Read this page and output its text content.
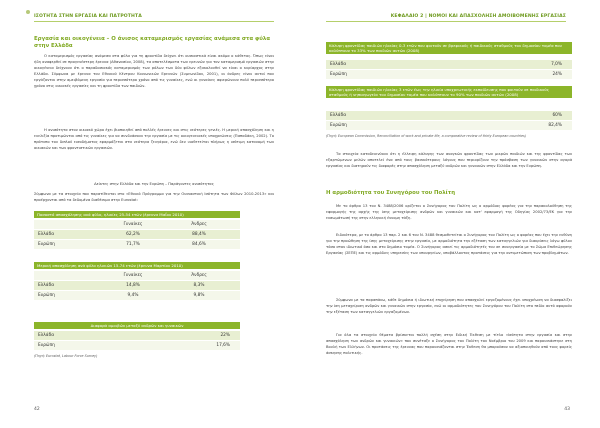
ΙΣΟΤΗΤΑ ΣΤΗΝ ΕΡΓΑΣΙΑ ΚΑΙ ΠΑΤΡΟΤΗΤΑ
Εργασία και οικογένεια – Ο άνισος καταμερισμός εργασίας ανάμεσα στα φύλα στην Ελλάδα
Ο καταμερισμός εργασίας ανάμεσα στα φύλα για τη φροντίδα δείχνει ότι ουσιαστικά είναι ακόμα ο κάθετος. Όπως είναι ήδη αναφερθεί σε προγενέστερη έρευνα (Αθανασίου, 2008), τα αποτελέσματα των ερευνών για τον καταμερισμό εργασιών στην οικογένεια δείχνουν ότι ο παραδοσιακός καταμερισμός των ρόλων των δύο φύλων εξακολουθεί να είναι ο κυρίαρχος στην Ελλάδα. Σύμφωνα με έρευνα του Εθνικού Κέντρου Κοινωνικών Ερευνών (Συμεωνίδου, 2001), οι άνδρες είναι αυτοί που εργάζονται στην αμειβόμενη εργασία για περισσότερο χρόνο από τις γυναίκες, ενώ οι γυναίκες αφιερώνουν πολύ περισσότερο χρόνο στις οικιακές εργασίες και τη φροντίδα των παιδιών.
Η ανισότητα στον οικιακό χώρο έχει βιοποιηθεί από πολλές έρευνες και στις νεότερες γενιές. Η μερική απασχόληση και η ευελιξία προτιμώνται από τις γυναίκες για να συνδυάσουν την εργασία με τις οικογενειακές υποχρεώσεις (Παπαδάκη, 2002). Το πρότυπο του διπλού εισοδήματος εφαρμόζεται στα νεότερα ζευγάρια, ενώ δεν υιοθετείται πλήρως η ισότιμη κατανομή των οικιακών και των φροντιστικών εργασιών.
Δείκτες στην Ελλάδα και την Ευρώπη – Παράγοντες ανισότητας
Σύμφωνα με τα στοιχεία που παρατίθενται στο «Εθνικό Πρόγραμμα για την Ουσιαστική Ισότητα των Φύλων 2010-2013» και προέρχονται από τα δεδομένα διαθέσιμα στην Eurostat:
Ποσοστό απασχόλησης ανά φύλο, ηλικίες 25-54 ετών (έρευνα Μαΐου 2010)
Γυναίκες	Άνδρες
Ελλάδα	62,2%	88,4%
Ευρώπη	71,7%	84,6%
Μερική απασχόληση ανά φύλο ηλικιών 15-74 ετών (έρευνα Μαρτίου 2010)
Γυναίκες	Άνδρες
Ελλάδα	14,8%	8,3%
Ευρώπη	9,4%	9,8%
Διαφορά αμοιβών μεταξύ ανδρών και γυναικών
Ελλάδα	22%
Ευρώπη	17,6%
(Πηγή: Eurostat, Labour Force Survey)
42
ΚΕΦΑΛΑΙΟ 2 | ΝΟΜΟΙ ΚΑΙ ΑΠΑΣΧΟΛΗΣΗ ΑΜΟΙΒΟΜΕΝΗΣ ΕΡΓΑΣΙΑΣ
Κάλυψη φροντίδας παιδιών ηλικίας 0-3 ετών που φοιτούν σε βρεφικούς ή παιδικούς σταθμούς του δημοσίου τομέα που καλύπτουν το 33% των παιδιών αυτών (2008)
Ελλάδα	7,0%
Ευρώπη	24%
Κάλυψη φροντίδας παιδιών ηλικίας 3 ετών έως την ηλικία υποχρεωτικής εκπαίδευσης που φοιτούν σε παιδικούς σταθμούς ή νηπιαγωγεία του δημοσίου τομέα που καλύπτουν το 90% των παιδιών αυτών (2008)
Ελλάδα	60%
Ευρώπη	82,4%
(Πηγή: European Commission, Reconciliation of work and private life, a comparative review of thirty European countries)
Τα στοιχεία καταδεικνύουν ότι η έλλειψη κάλυψης των αναγκών φροντίδας των μικρών παιδιών και της φροντίδας των εξαρτώμενων μελών αποτελεί ένα από τους βασικότερους λόγους που περιορίζουν την πρόσβαση των γυναικών στην αγορά εργασίας και διατηρούν τις διαφορές στην απασχόληση μεταξύ ανδρών και γυναικών στην Ελλάδα και την Ευρώπη.
Η αρμοδιότητα του Συνηγόρου του Πολίτη
Με το άρθρο 13 του Ν. 3488/2006 ορίζεται ο Συνήγορος του Πολίτη ως ο αρμόδιος φορέας για την παρακολούθηση της εφαρμογής της αρχής της ίσης μεταχείρισης ανδρών και γυναικών και κατ' εφαρμογή της Οδηγίας 2002/73/ΕΚ για την ενσωμάτωσή της στην ελληνική έννομη τάξη.
Ειδικότερα, με το άρθρο 13 παρ. 2 και 6 του Ν. 3488 θεσμοθετείται ο Συνήγορος του Πολίτη ως ο φορέας που έχει την ευθύνη για την προώθηση της ίσης μεταχείρισης στην εργασία, με αρμοδιότητα την εξέταση των καταγγελιών για διακρίσεις λόγω φύλου τόσο στον ιδιωτικό όσο και στο δημόσιο τομέα. Ο Συνήγορος ασκεί τις αρμοδιότητές του σε συνεργασία με το Σώμα Επιθεώρησης Εργασίας (ΣΕΠΕ) και τις αρμόδιες υπηρεσίες των υπουργείων, υποβάλλοντας προτάσεις για την αντιμετώπιση των προβλημάτων.
Σύμφωνα με τα παραπάνω, κάθε δημόσια ή ιδιωτική επιχείρηση που απασχολεί εργαζομένους έχει υποχρέωση να διασφαλίζει την ίση μεταχείριση ανδρών και γυναικών στην εργασία, ενώ οι αρμοδιότητες του Συνηγόρου του Πολίτη στο πεδίο αυτό αφορούν την εξέταση των καταγγελιών εργαζομένων.
Για όλα τα στοιχεία θέματα βρίσκεται πολλή σχέση στην Ειδική Έκθεση με τίτλο «Ισότητα στην εργασία και στην απασχόληση των ανδρών και γυναικών» που συνέταξε ο Συνήγορος του Πολίτη τον Νοέμβριο του 2009 και παρουσιάστηκε στη Βουλή των Ελλήνων. Οι προτάσεις της έρευνας που παρουσιάζονται στην Έκθεση θα μπορούσαν να αξιοποιηθούν από τους φορείς άσκησης πολιτικής.
43
